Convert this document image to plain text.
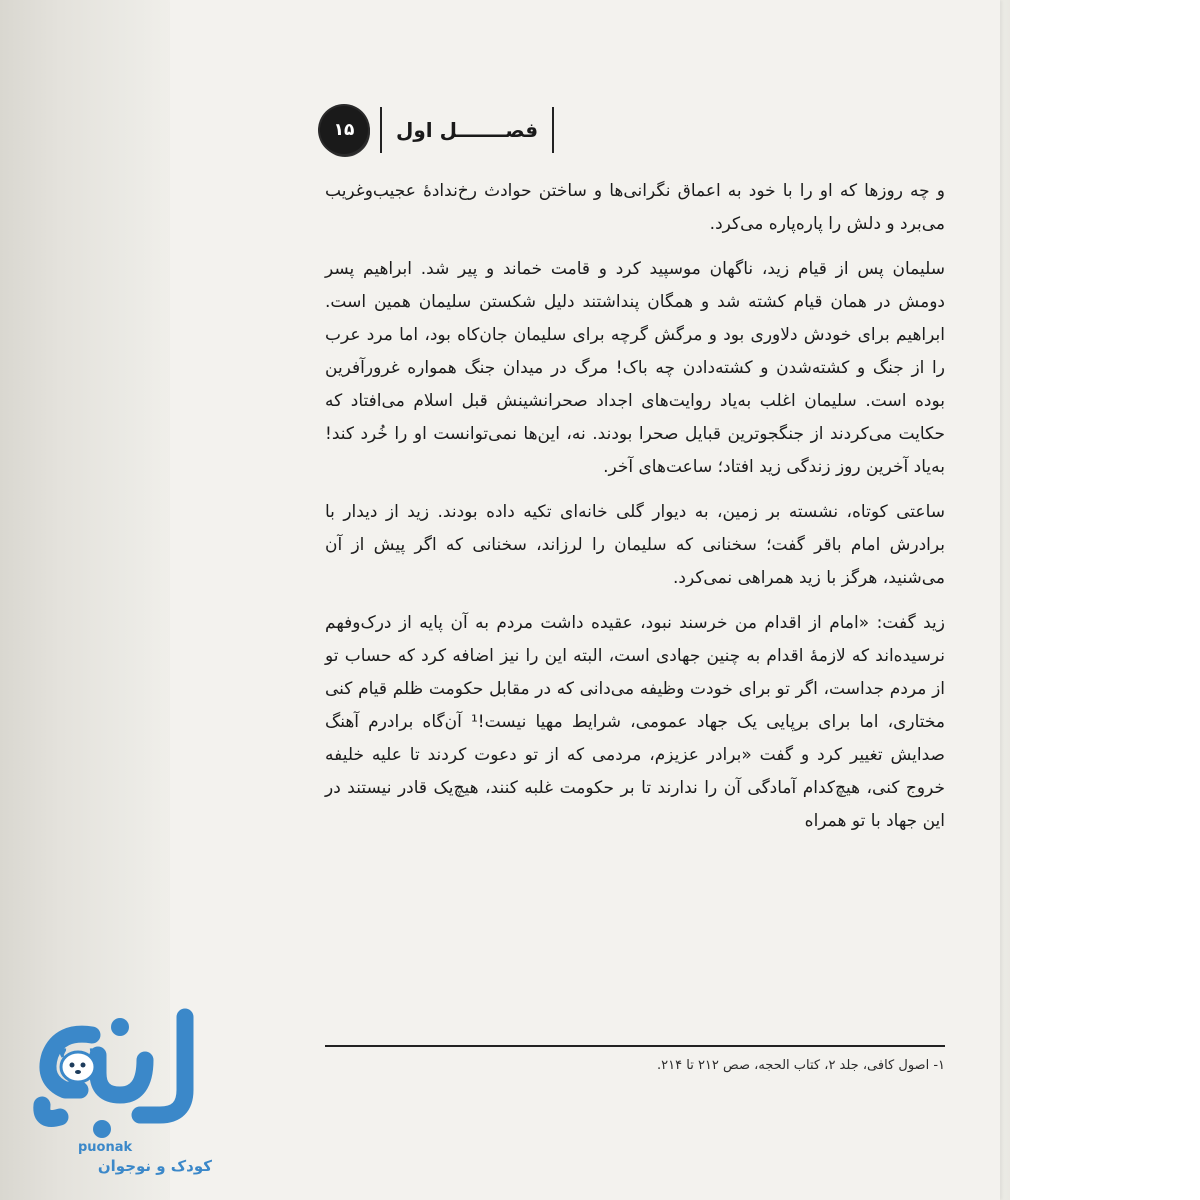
۱۵	فصـــــــل اول

و چه روزها که او را با خود به اعماق نگرانی‌ها و ساختن حوادث رخ‌ندادهٔ عجیب‌وغریب می‌برد و دلش را پاره‌پاره می‌کرد.

سلیمان پس از قیام زید، ناگهان موسپید کرد و قامت خماند و پیر شد. ابراهیم پسر دومش در همان قیام کشته شد و همگان پنداشتند دلیل شکستن سلیمان همین است. ابراهیم برای خودش دلاوری بود و مرگش گرچه برای سلیمان جان‌کاه بود، اما مرد عرب را از جنگ و کشته‌شدن و کشته‌دادن چه باک! مرگ در میدان جنگ همواره غرورآفرین بوده است. سلیمان اغلب به‌یاد روایت‌های اجداد صحرانشینش قبل اسلام می‌افتاد که حکایت می‌کردند از جنگجوترین قبایل صحرا بودند. نه، این‌ها نمی‌توانست او را خُرد کند! به‌یاد آخرین روز زندگی زید افتاد؛ ساعت‌های آخر.

ساعتی کوتاه، نشسته بر زمین، به دیوار گلی خانه‌ای تکیه داده بودند. زید از دیدار با برادرش امام باقر گفت؛ سخنانی که سلیمان را لرزاند، سخنانی که اگر پیش از آن می‌شنید، هرگز با زید همراهی نمی‌کرد.

زید گفت: «امام از اقدام من خرسند نبود، عقیده داشت مردم به آن پایه از درک‌وفهم نرسیده‌اند که لازمهٔ اقدام به چنین جهادی است، البته این را نیز اضافه کرد که حساب تو از مردم جداست، اگر تو برای خودت وظیفه می‌دانی که در مقابل حکومت ظلم قیام کنی مختاری، اما برای برپایی یک جهاد عمومی، شرایط مهیا نیست!¹ آن‌گاه برادرم آهنگ صدایش تغییر کرد و گفت «برادر عزیزم، مردمی که از تو دعوت کردند تا علیه خلیفه خروج کنی، هیچ‌کدام آمادگی آن را ندارند تا بر حکومت غلبه کنند، هیچ‌یک قادر نیستند در این جهاد با تو همراه

۱- اصول کافی، جلد ۲، کتاب الحجه، صص ۲۱۲ تا ۲۱۴.
پونک
puonak
کودک و نوجوان
